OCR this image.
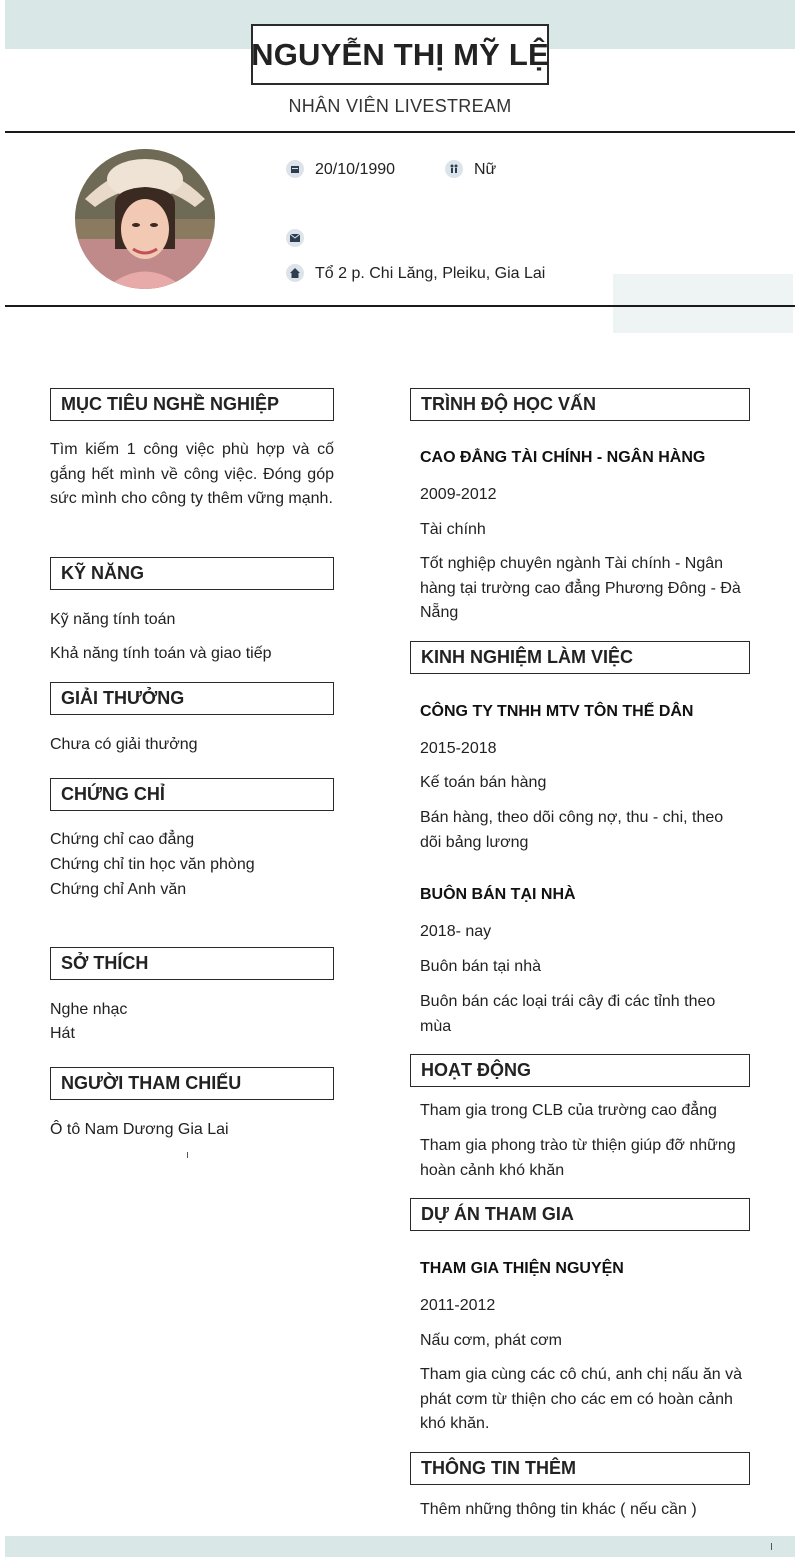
NGUYỄN THỊ MỸ LỆ
NHÂN VIÊN LIVESTREAM
20/10/1990	Nữ
Tổ 2 p. Chi Lăng, Pleiku, Gia Lai
MỤC TIÊU NGHỀ NGHIỆP
Tìm kiếm 1 công việc phù hợp và cố gắng hết mình về công việc. Đóng góp sức mình cho công ty thêm vững mạnh.
KỸ NĂNG
Kỹ năng tính toán
Khả năng tính toán và giao tiếp
GIẢI THƯỞNG
Chưa có giải thưởng
CHỨNG CHỈ
Chứng chỉ cao đẳng
Chứng chỉ tin học văn phòng
Chứng chỉ Anh văn
SỞ THÍCH
Nghe nhạc
Hát
NGƯỜI THAM CHIẾU
Ô tô Nam Dương Gia Lai
TRÌNH ĐỘ HỌC VẤN
CAO ĐẲNG TÀI CHÍNH - NGÂN HÀNG
2009-2012
Tài chính
Tốt nghiệp chuyên ngành Tài chính - Ngân hàng tại trường cao đẳng Phương Đông - Đà Nẵng
KINH NGHIỆM LÀM VIỆC
CÔNG TY TNHH MTV TÔN THẾ DÂN
2015-2018
Kế toán bán hàng
Bán hàng, theo dõi công nợ, thu - chi, theo dõi bảng lương
BUÔN BÁN TẠI NHÀ
2018- nay
Buôn bán tại nhà
Buôn bán các loại trái cây đi các tỉnh theo mùa
HOẠT ĐỘNG
Tham gia trong CLB của trường cao đẳng
Tham gia phong trào từ thiện giúp đỡ những hoàn cảnh khó khăn
DỰ ÁN THAM GIA
THAM GIA THIỆN NGUYỆN
2011-2012
Nấu cơm, phát cơm
Tham gia cùng các cô chú, anh chị nấu ăn và phát cơm từ thiện cho các em có hoàn cảnh khó khăn.
THÔNG TIN THÊM
Thêm những thông tin khác ( nếu cần )
